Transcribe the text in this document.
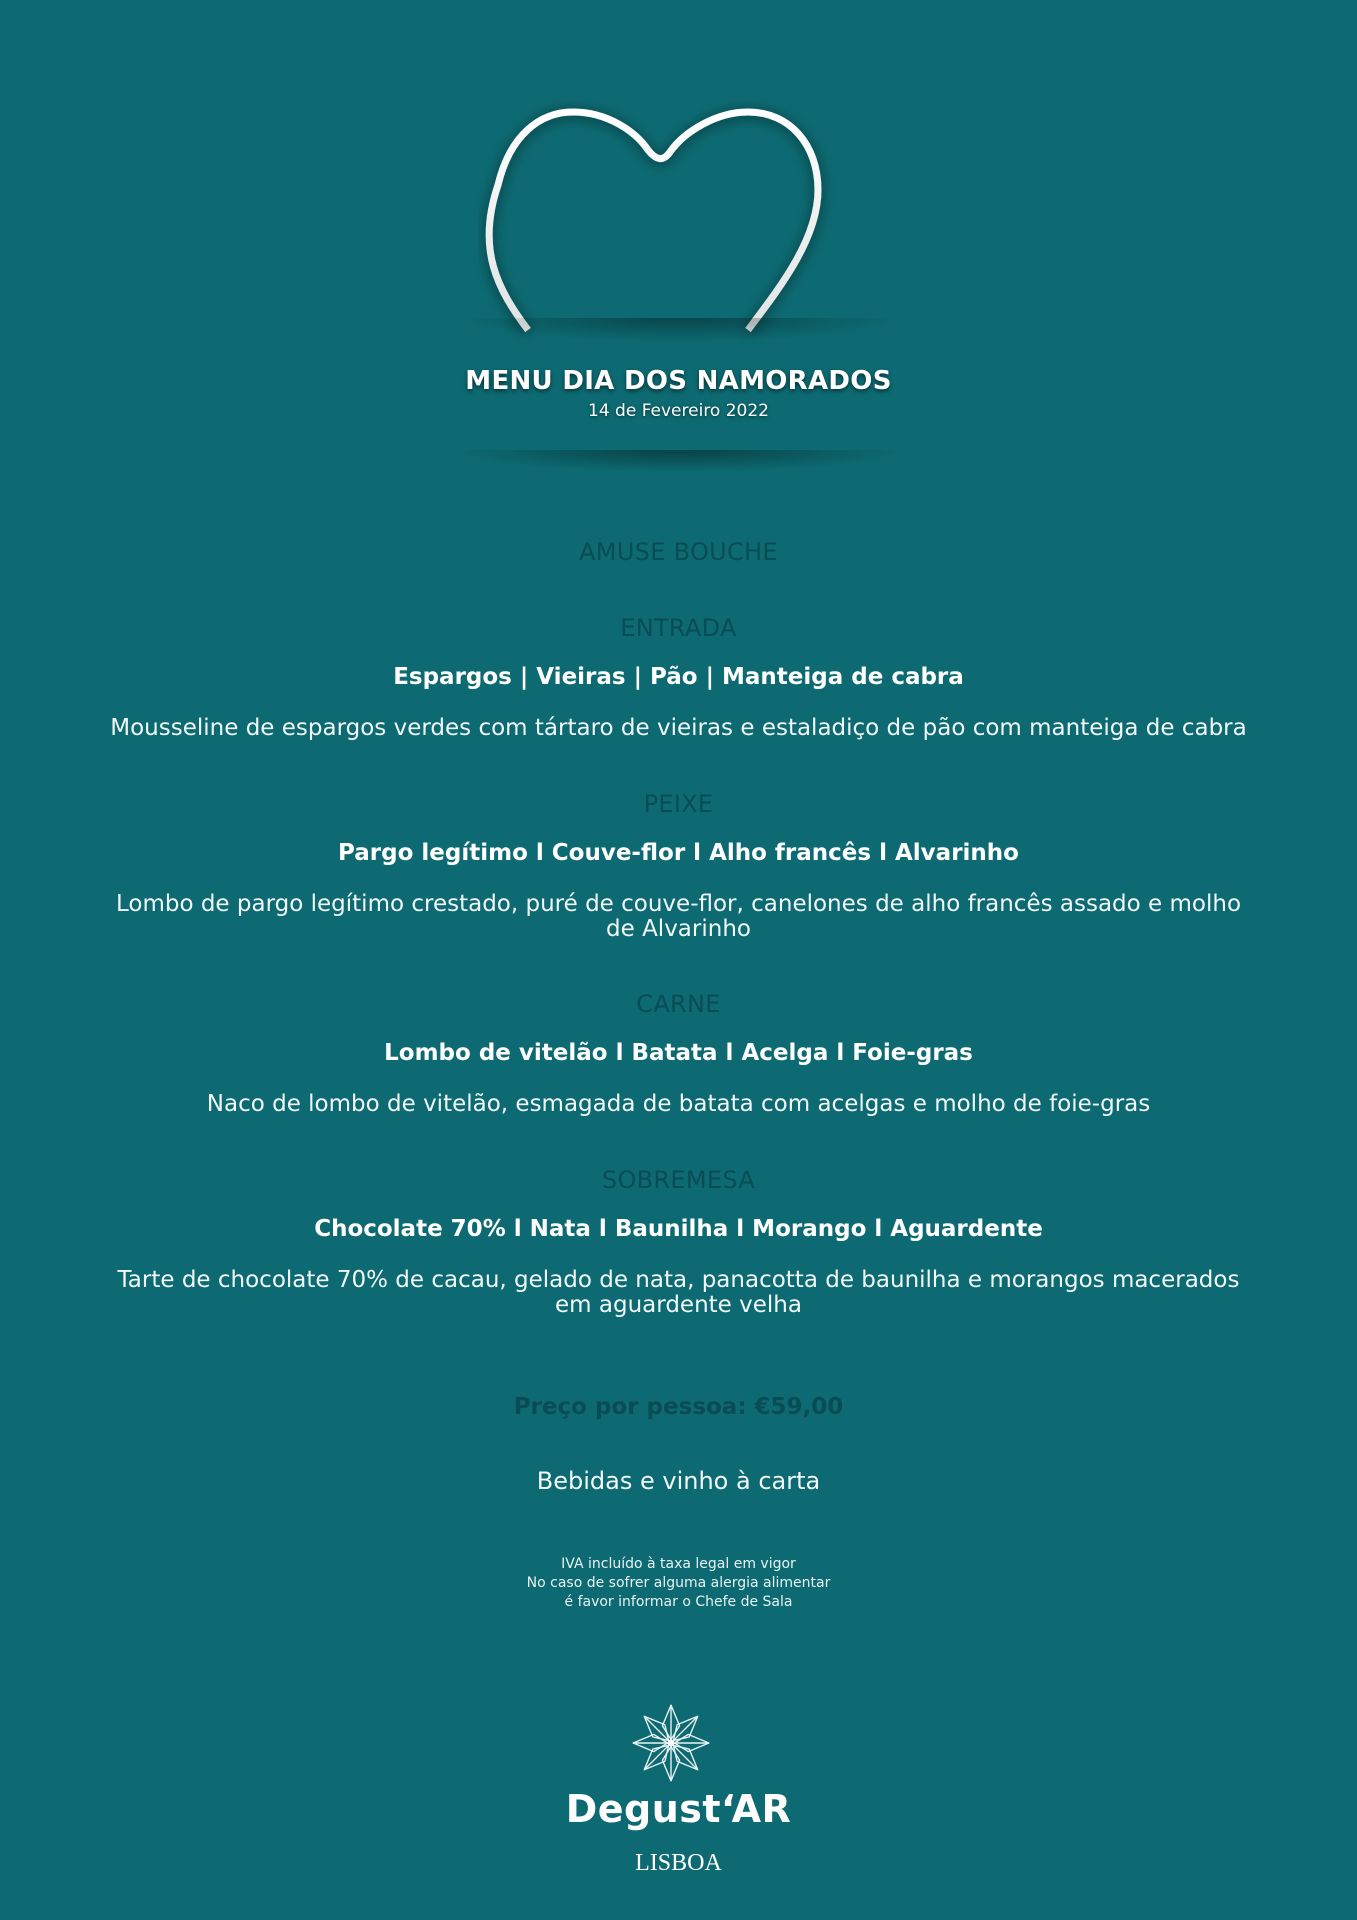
MENU DIA DOS NAMORADOS
14 de Fevereiro 2022
AMUSE BOUCHE
ENTRADA
Espargos | Vieiras | Pão | Manteiga de cabra
Mousseline de espargos verdes com tártaro de vieiras e estaladiço de pão com manteiga de cabra
PEIXE
Pargo legítimo l Couve-flor l Alho francês l Alvarinho
Lombo de pargo legítimo crestado, puré de couve-flor, canelones de alho francês assado e molho de Alvarinho
CARNE
Lombo de vitelão l Batata l Acelga l Foie-gras
Naco de lombo de vitelão, esmagada de batata com acelgas e molho de foie-gras
SOBREMESA
Chocolate 70% l Nata l Baunilha l Morango l Aguardente
Tarte de chocolate 70% de cacau, gelado de nata, panacotta de baunilha e morangos macerados em aguardente velha
Preço por pessoa: €59,00
Bebidas e vinho à carta
IVA incluído à taxa legal em vigor
No caso de sofrer alguma alergia alimentar
é favor informar o Chefe de Sala
Degust‘AR
LISBOA
